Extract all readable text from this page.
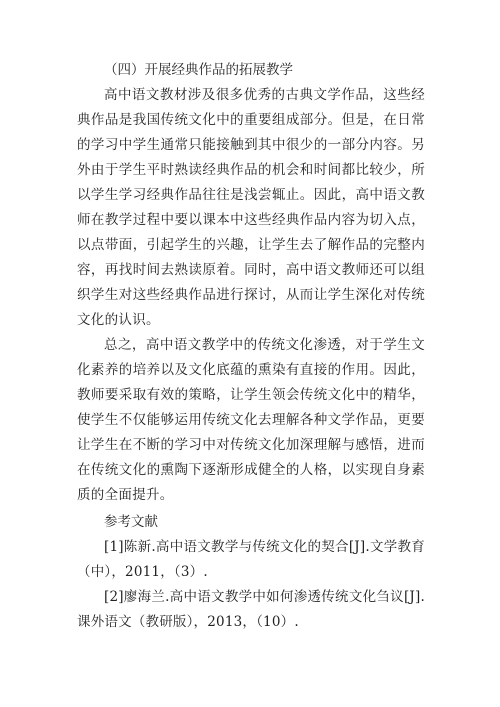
（四）开展经典作品的拓展教学

高中语文教材涉及很多优秀的古典文学作品，这些经典作品是我国传统文化中的重要组成部分。但是，在日常的学习中学生通常只能接触到其中很少的一部分内容。另外由于学生平时熟读经典作品的机会和时间都比较少，所以学生学习经典作品往往是浅尝辄止。因此，高中语文教师在教学过程中要以课本中这些经典作品内容为切入点，以点带面，引起学生的兴趣，让学生去了解作品的完整内容，再找时间去熟读原着。同时，高中语文教师还可以组织学生对这些经典作品进行探讨，从而让学生深化对传统文化的认识。

总之，高中语文教学中的传统文化渗透，对于学生文化素养的培养以及文化底蕴的熏染有直接的作用。因此，教师要采取有效的策略，让学生领会传统文化中的精华，使学生不仅能够运用传统文化去理解各种文学作品，更要让学生在不断的学习中对传统文化加深理解与感悟，进而在传统文化的熏陶下逐渐形成健全的人格，以实现自身素质的全面提升。

参考文献

[1]陈新.高中语文教学与传统文化的契合[J].文学教育（中），2011，（3）.

[2]廖海兰.高中语文教学中如何渗透传统文化刍议[J].课外语文（教研版），2013，（10）.
